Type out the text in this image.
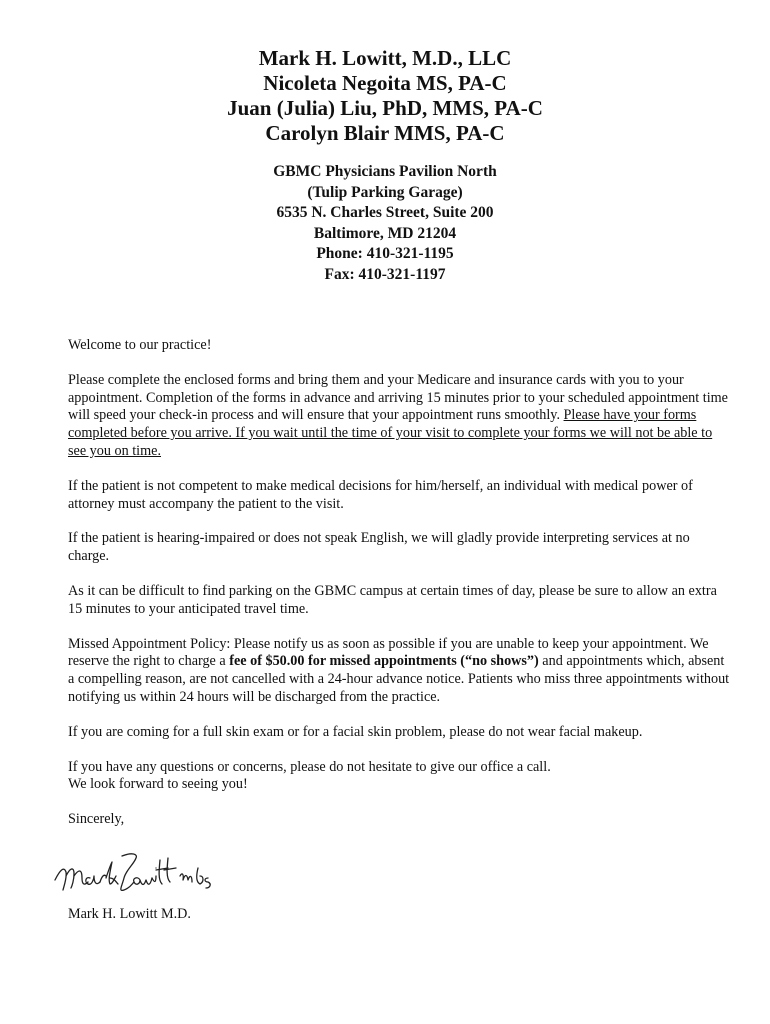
Mark H. Lowitt, M.D., LLC
Nicoleta Negoita MS, PA-C
Juan (Julia) Liu, PhD, MMS, PA-C
Carolyn Blair MMS, PA-C
GBMC Physicians Pavilion North
(Tulip Parking Garage)
6535 N. Charles Street, Suite 200
Baltimore, MD 21204
Phone: 410-321-1195
Fax: 410-321-1197

Welcome to our practice!

Please complete the enclosed forms and bring them and your Medicare and insurance cards with you to your appointment. Completion of the forms in advance and arriving 15 minutes prior to your scheduled appointment time will speed your check-in process and will ensure that your appointment runs smoothly. Please have your forms completed before you arrive. If you wait until the time of your visit to complete your forms we will not be able to see you on time.

If the patient is not competent to make medical decisions for him/herself, an individual with medical power of attorney must accompany the patient to the visit.

If the patient is hearing-impaired or does not speak English, we will gladly provide interpreting services at no charge.

As it can be difficult to find parking on the GBMC campus at certain times of day, please be sure to allow an extra 15 minutes to your anticipated travel time.

Missed Appointment Policy: Please notify us as soon as possible if you are unable to keep your appointment. We reserve the right to charge a fee of $50.00 for missed appointments (“no shows”) and appointments which, absent a compelling reason, are not cancelled with a 24-hour advance notice. Patients who miss three appointments without notifying us within 24 hours will be discharged from the practice.

If you are coming for a full skin exam or for a facial skin problem, please do not wear facial makeup.

If you have any questions or concerns, please do not hesitate to give our office a call.
We look forward to seeing you!

Sincerely,

Mark H. Lowitt M.D.
